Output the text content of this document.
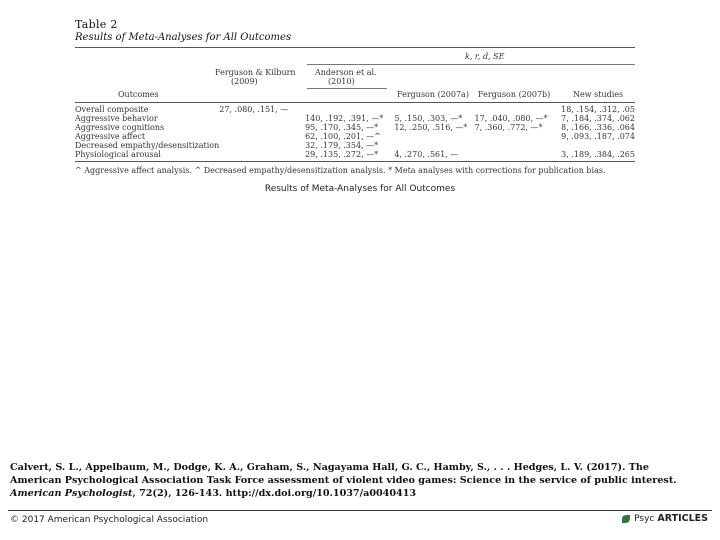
Table 2
Results of Meta-Analyses for All Outcomes
k, r, d, SE
Ferguson & Kilburn
(2009)
Anderson et al.
(2010)
Outcomes	Ferguson (2007a) Ferguson (2007b)	New studies
Overall composite	27, .080, .151, —				18, .154, .312, .05
Aggressive behavior		140, .192, .391, —*	5, .150, .303, —*	17, .040, .080, —*	7, .184, .374, .062
Aggressive cognitions		95, .170, .345, —*	12, .250, .516, —*	7, .360, .772, —*	8, .166, .336, .064
Aggressive affect		62, .100, .201, —^			9, .093, .187, .074
Decreased empathy/desensitization		32, .179, .354, —*			
Physiological arousal		29, .135, .272, —*	4, .270, .561, —		3, .189, .384, .265
^ Aggressive affect analysis. ^ Decreased empathy/desensitization analysis. * Meta analyses with corrections for publication bias.
Results of Meta-Analyses for All Outcomes
Calvert, S. L., Appelbaum, M., Dodge, K. A., Graham, S., Nagayama Hall, G. C., Hamby, S., . . . Hedges, L. V. (2017). The American Psychological Association Task Force assessment of violent video games: Science in the service of public interest. American Psychologist, 72(2), 126-143. http://dx.doi.org/10.1037/a0040413
© 2017 American Psychological Association	Psyc ARTICLES
